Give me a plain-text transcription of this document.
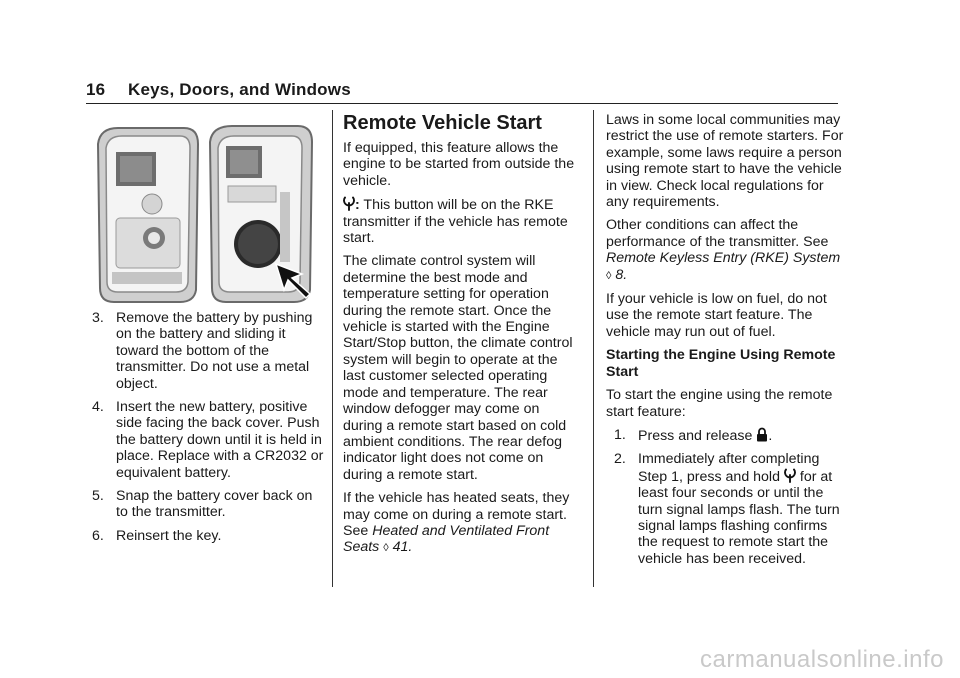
16 Keys, Doors, and Windows
3. Remove the battery by pushing on the battery and sliding it toward the bottom of the transmitter. Do not use a metal object.
4. Insert the new battery, positive side facing the back cover. Push the battery down until it is held in place. Replace with a CR2032 or equivalent battery.
5. Snap the battery cover back on to the transmitter.
6. Reinsert the key.
Remote Vehicle Start

If equipped, this feature allows the engine to be started from outside the vehicle.

: This button will be on the RKE transmitter if the vehicle has remote start.

The climate control system will determine the best mode and temperature setting for operation during the remote start. Once the vehicle is started with the Engine Start/Stop button, the climate control system will begin to operate at the last customer selected operating mode and temperature. The rear window defogger may come on during a remote start based on cold ambient conditions. The rear defog indicator light does not come on during a remote start.

If the vehicle has heated seats, they may come on during a remote start. See Heated and Ventilated Front Seats ◊ 41.

Laws in some local communities may restrict the use of remote starters. For example, some laws require a person using remote start to have the vehicle in view. Check local regulations for any requirements.

Other conditions can affect the performance of the transmitter. See Remote Keyless Entry (RKE) System ◊ 8.

If your vehicle is low on fuel, do not use the remote start feature. The vehicle may run out of fuel.

Starting the Engine Using Remote Start

To start the engine using the remote start feature:

1. Press and release .
2. Immediately after completing Step 1, press and hold for at least four seconds or until the turn signal lamps flash. The turn signal lamps flashing confirms the request to remote start the vehicle has been received.
carmanualsonline.info
